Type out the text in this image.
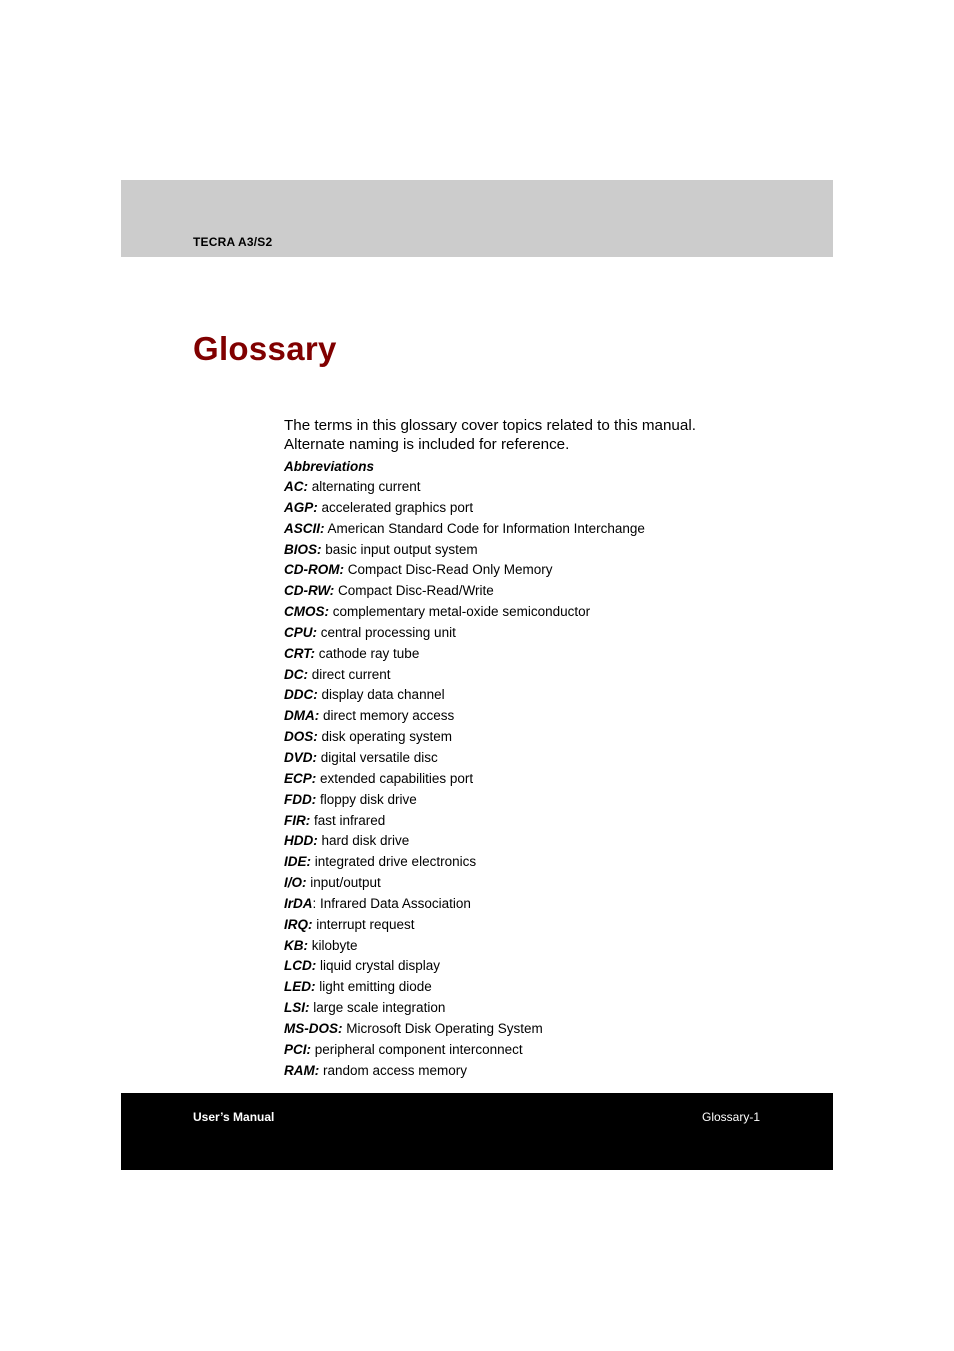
TECRA A3/S2
Glossary

The terms in this glossary cover topics related to this manual.
Alternate naming is included for reference.

Abbreviations
AC: alternating current
AGP: accelerated graphics port
ASCII: American Standard Code for Information Interchange
BIOS: basic input output system
CD-ROM: Compact Disc-Read Only Memory
CD-RW: Compact Disc-Read/Write
CMOS: complementary metal-oxide semiconductor
CPU: central processing unit
CRT: cathode ray tube
DC: direct current
DDC: display data channel
DMA: direct memory access
DOS: disk operating system
DVD: digital versatile disc
ECP: extended capabilities port
FDD: floppy disk drive
FIR: fast infrared
HDD: hard disk drive
IDE: integrated drive electronics
I/O: input/output
IrDA: Infrared Data Association
IRQ: interrupt request
KB: kilobyte
LCD: liquid crystal display
LED: light emitting diode
LSI: large scale integration
MS-DOS: Microsoft Disk Operating System
PCI: peripheral component interconnect
RAM: random access memory
User’s Manual	Glossary-1
